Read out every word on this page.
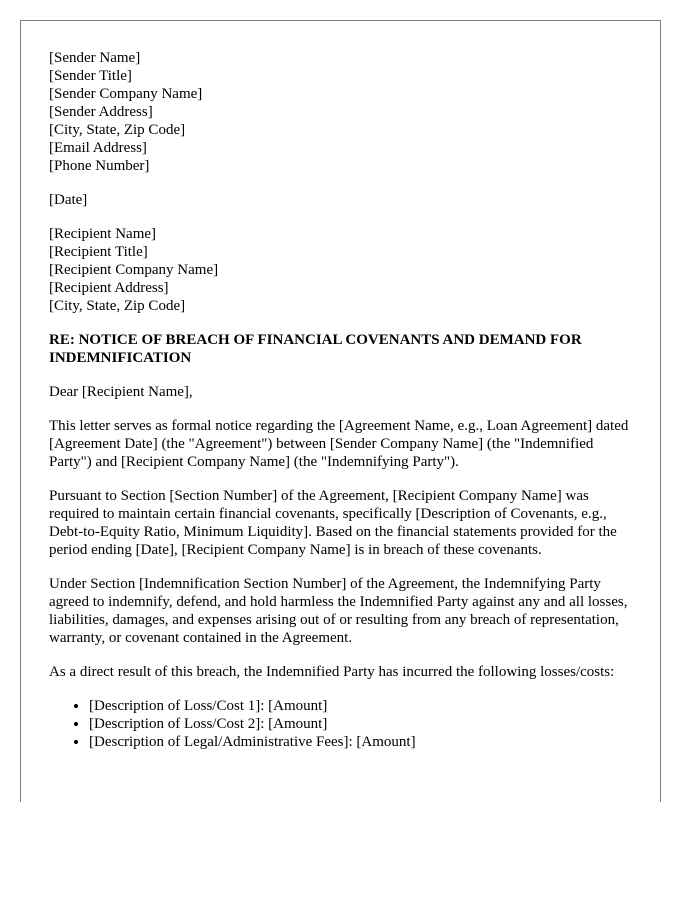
[Sender Name]
[Sender Title]
[Sender Company Name]
[Sender Address]
[City, State, Zip Code]
[Email Address]
[Phone Number]
[Date]
[Recipient Name]
[Recipient Title]
[Recipient Company Name]
[Recipient Address]
[City, State, Zip Code]
RE: NOTICE OF BREACH OF FINANCIAL COVENANTS AND DEMAND FOR INDEMNIFICATION

Dear [Recipient Name],

This letter serves as formal notice regarding the [Agreement Name, e.g., Loan Agreement] dated [Agreement Date] (the "Agreement") between [Sender Company Name] (the "Indemnified Party") and [Recipient Company Name] (the "Indemnifying Party").

Pursuant to Section [Section Number] of the Agreement, [Recipient Company Name] was required to maintain certain financial covenants, specifically [Description of Covenants, e.g., Debt-to-Equity Ratio, Minimum Liquidity]. Based on the financial statements provided for the period ending [Date], [Recipient Company Name] is in breach of these covenants.

Under Section [Indemnification Section Number] of the Agreement, the Indemnifying Party agreed to indemnify, defend, and hold harmless the Indemnified Party against any and all losses, liabilities, damages, and expenses arising out of or resulting from any breach of representation, warranty, or covenant contained in the Agreement.

As a direct result of this breach, the Indemnified Party has incurred the following losses/costs:

• [Description of Loss/Cost 1]: [Amount]
• [Description of Loss/Cost 2]: [Amount]
• [Description of Legal/Administrative Fees]: [Amount]
